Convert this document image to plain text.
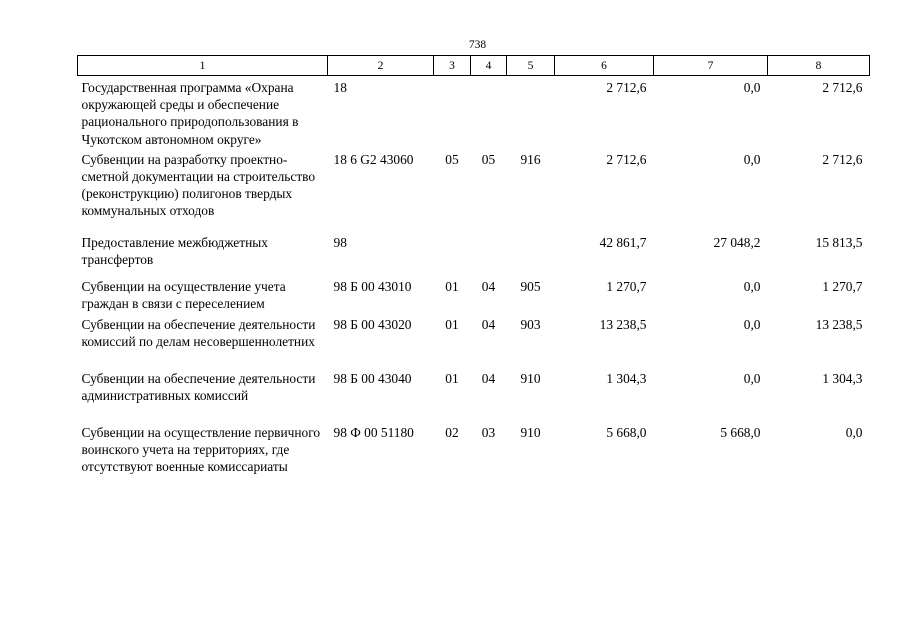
738
1	2	3	4	5	6	7	8
Государственная программа «Охрана окружающей среды и обеспечение рационального природопользования в Чукотском автономном округе»	18				2 712,6	0,0	2 712,6
Субвенции на разработку проектно-сметной документации на строительство (реконструкцию) полигонов твердых коммунальных отходов	18 6 G2 43060	05	05	916	2 712,6	0,0	2 712,6
Предоставление межбюджетных трансфертов	98				42 861,7	27 048,2	15 813,5
Субвенции на осуществление учета граждан в связи с переселением	98 Б 00 43010	01	04	905	1 270,7	0,0	1 270,7
Субвенции на обеспечение деятельности комиссий по делам несовершеннолетних	98 Б 00 43020	01	04	903	13 238,5	0,0	13 238,5
Субвенции на обеспечение деятельности административных комиссий	98 Б 00 43040	01	04	910	1 304,3	0,0	1 304,3
Субвенции на осуществление первичного воинского учета на территориях, где отсутствуют военные комиссариаты	98 Ф 00 51180	02	03	910	5 668,0	5 668,0	0,0
